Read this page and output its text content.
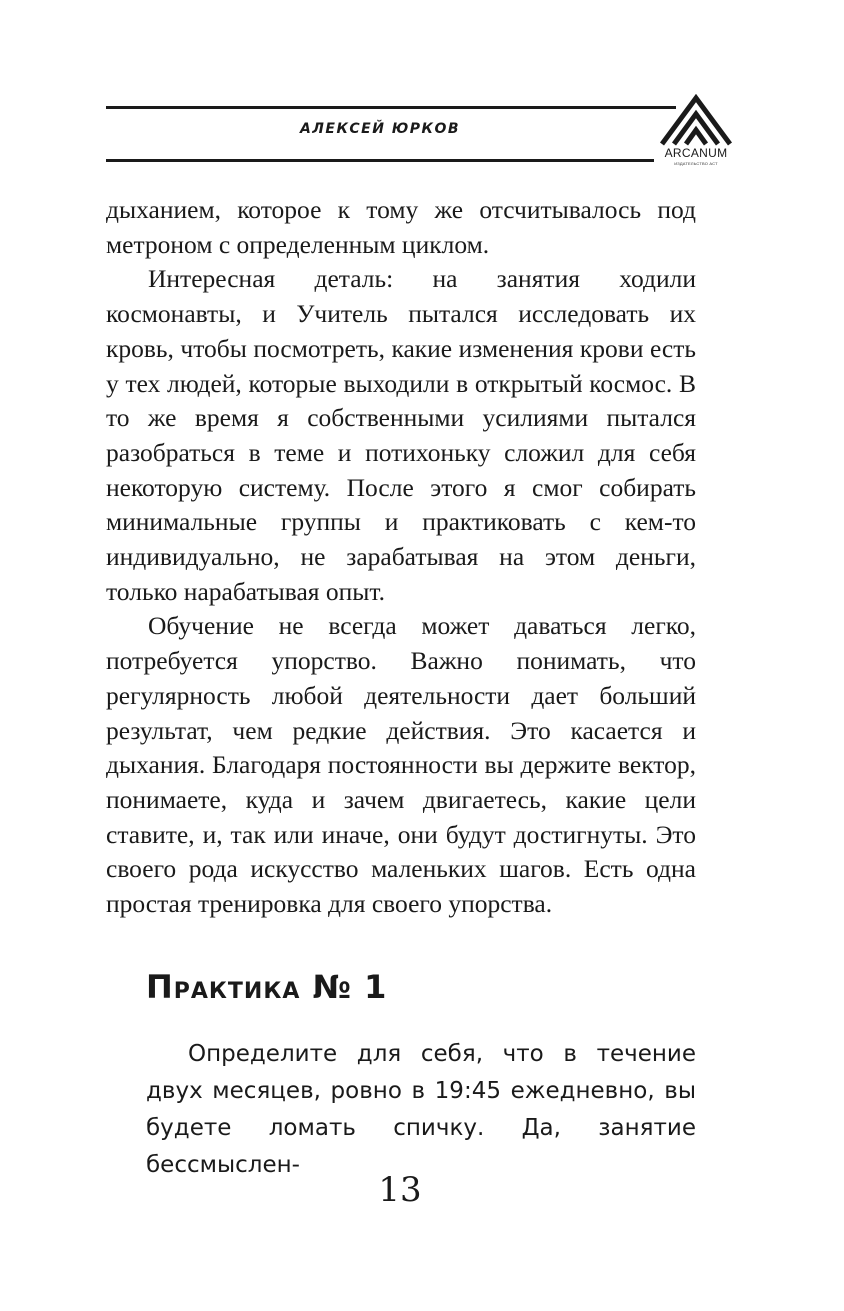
АЛЕКСЕЙ ЮРКОВ
ARCANUM
ИЗДАТЕЛЬСТВО АСТ

дыханием, которое к тому же отсчитывалось под метроном с определенным циклом.

Интересная деталь: на занятия ходили космонавты, и Учитель пытался исследовать их кровь, чтобы посмотреть, какие изменения крови есть у тех людей, которые выходили в открытый космос. В то же время я собственными усилиями пытался разобраться в теме и потихоньку сложил для себя некоторую систему. После этого я смог собирать минимальные группы и практиковать с кем-то индивидуально, не зарабатывая на этом деньги, только нарабатывая опыт.

Обучение не всегда может даваться легко, потребуется упорство. Важно понимать, что регулярность любой деятельности дает больший результат, чем редкие действия. Это касается и дыхания. Благодаря постоянности вы держите вектор, понимаете, куда и зачем двигаетесь, какие цели ставите, и, так или иначе, они будут достигнуты. Это своего рода искусство маленьких шагов. Есть одна простая тренировка для своего упорства.

Практика № 1

Определите для себя, что в течение двух месяцев, ровно в 19:45 ежедневно, вы будете ломать спичку. Да, занятие бессмыслен-

13
